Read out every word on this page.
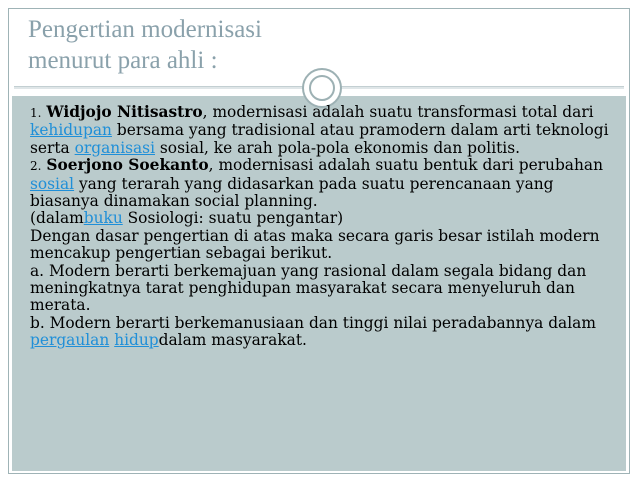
Pengertian modernisasi
menurut para ahli :

1. Widjojo Nitisastro, modernisasi adalah suatu transformasi total dari kehidupan bersama yang tradisional atau pramodern dalam arti teknologi serta organisasi sosial, ke arah pola-pola ekonomis dan politis.

2. Soerjono Soekanto, modernisasi adalah suatu bentuk dari perubahan sosial yang terarah yang didasarkan pada suatu perencanaan yang biasanya dinamakan social planning.

(dalambuku Sosiologi: suatu pengantar)

Dengan dasar pengertian di atas maka secara garis besar istilah modern mencakup pengertian sebagai berikut.

a. Modern berarti berkemajuan yang rasional dalam segala bidang dan meningkatnya tarat penghidupan masyarakat secara menyeluruh dan merata.

b. Modern berarti berkemanusiaan dan tinggi nilai peradabannya dalam pergaulan hidupdalam masyarakat.
